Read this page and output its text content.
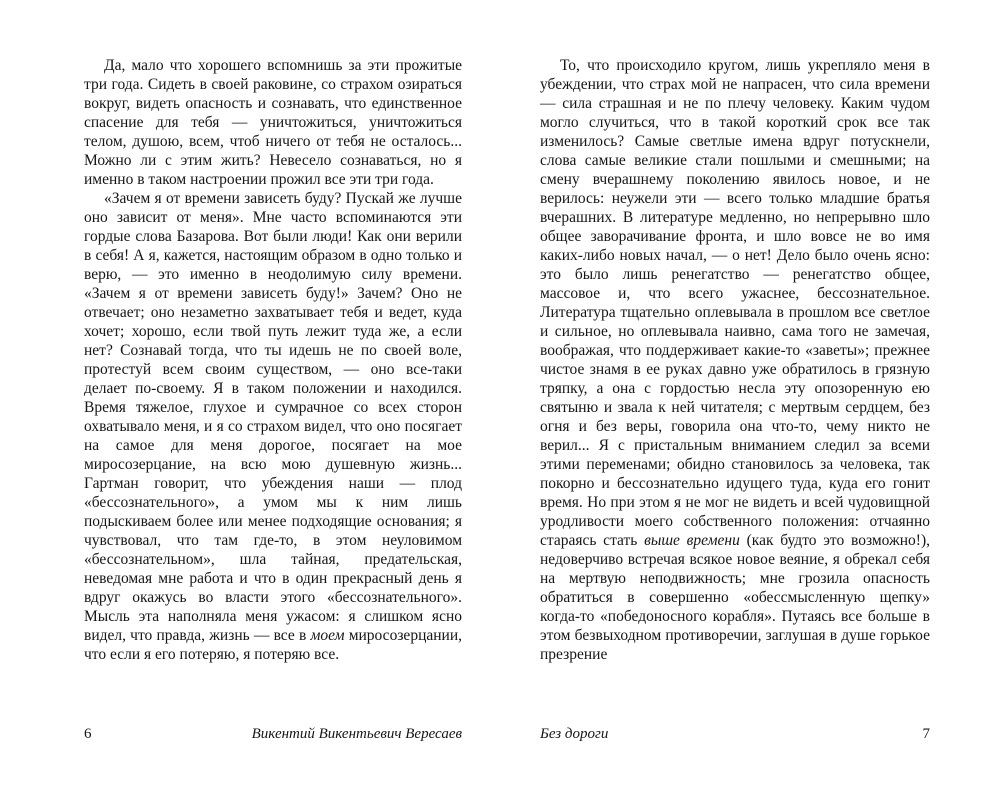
Да, мало что хорошего вспомнишь за эти прожитые три года. Сидеть в своей раковине, со страхом озираться вокруг, видеть опасность и сознавать, что единственное спасение для тебя — уничтожиться, уничтожиться телом, душою, всем, чтоб ничего от тебя не осталось... Можно ли с этим жить? Невесело сознаваться, но я именно в таком настроении прожил все эти три года.

«Зачем я от времени зависеть буду? Пускай же лучше оно зависит от меня». Мне часто вспоминаются эти гордые слова Базарова. Вот были люди! Как они верили в себя! А я, кажется, настоящим образом в одно только и верю, — это именно в неодолимую силу времени. «Зачем я от времени зависеть буду!» Зачем? Оно не отвечает; оно незаметно захватывает тебя и ведет, куда хочет; хорошо, если твой путь лежит туда же, а если нет? Сознавай тогда, что ты идешь не по своей воле, протестуй всем своим существом, — оно все-таки делает по-своему. Я в таком положении и находился. Время тяжелое, глухое и сумрачное со всех сторон охватывало меня, и я со страхом видел, что оно посягает на самое для меня дорогое, посягает на мое миросозерцание, на всю мою душевную жизнь... Гартман говорит, что убеждения наши — плод «бессознательного», а умом мы к ним лишь подыскиваем более или менее подходящие основания; я чувствовал, что там где-то, в этом неуловимом «бессознательном», шла тайная, предательская, неведомая мне работа и что в один прекрасный день я вдруг окажусь во власти этого «бессознательного». Мысль эта наполняла меня ужасом: я слишком ясно видел, что правда, жизнь — все в моем миросозерцании, что если я его потеряю, я потеряю все.

6	Викентий Викентьевич Вересаев

То, что происходило кругом, лишь укрепляло меня в убеждении, что страх мой не напрасен, что сила времени — сила страшная и не по плечу человеку. Каким чудом могло случиться, что в такой короткий срок все так изменилось? Самые светлые имена вдруг потускнели, слова самые великие стали пошлыми и смешными; на смену вчерашнему поколению явилось новое, и не верилось: неужели эти — всего только младшие братья вчерашних. В литературе медленно, но непрерывно шло общее заворачивание фронта, и шло вовсе не во имя каких-либо новых начал, — о нет! Дело было очень ясно: это было лишь ренегатство — ренегатство общее, массовое и, что всего ужаснее, бессознательное. Литература тщательно оплевывала в прошлом все светлое и сильное, но оплевывала наивно, сама того не замечая, воображая, что поддерживает какие-то «заветы»; прежнее чистое знамя в ее руках давно уже обратилось в грязную тряпку, а она с гордостью несла эту опозоренную ею святыню и звала к ней читателя; с мертвым сердцем, без огня и без веры, говорила она что-то, чему никто не верил... Я с пристальным вниманием следил за всеми этими переменами; обидно становилось за человека, так покорно и бессознательно идущего туда, куда его гонит время. Но при этом я не мог не видеть и всей чудовищной уродливости моего собственного положения: отчаянно стараясь стать выше времени (как будто это возможно!), недоверчиво встречая всякое новое веяние, я обрекал себя на мертвую неподвижность; мне грозила опасность обратиться в совершенно «обессмысленную щепку» когда-то «победоносного корабля». Путаясь все больше в этом безвыходном противоречии, заглушая в душе горькое презрение

Без дороги	7
